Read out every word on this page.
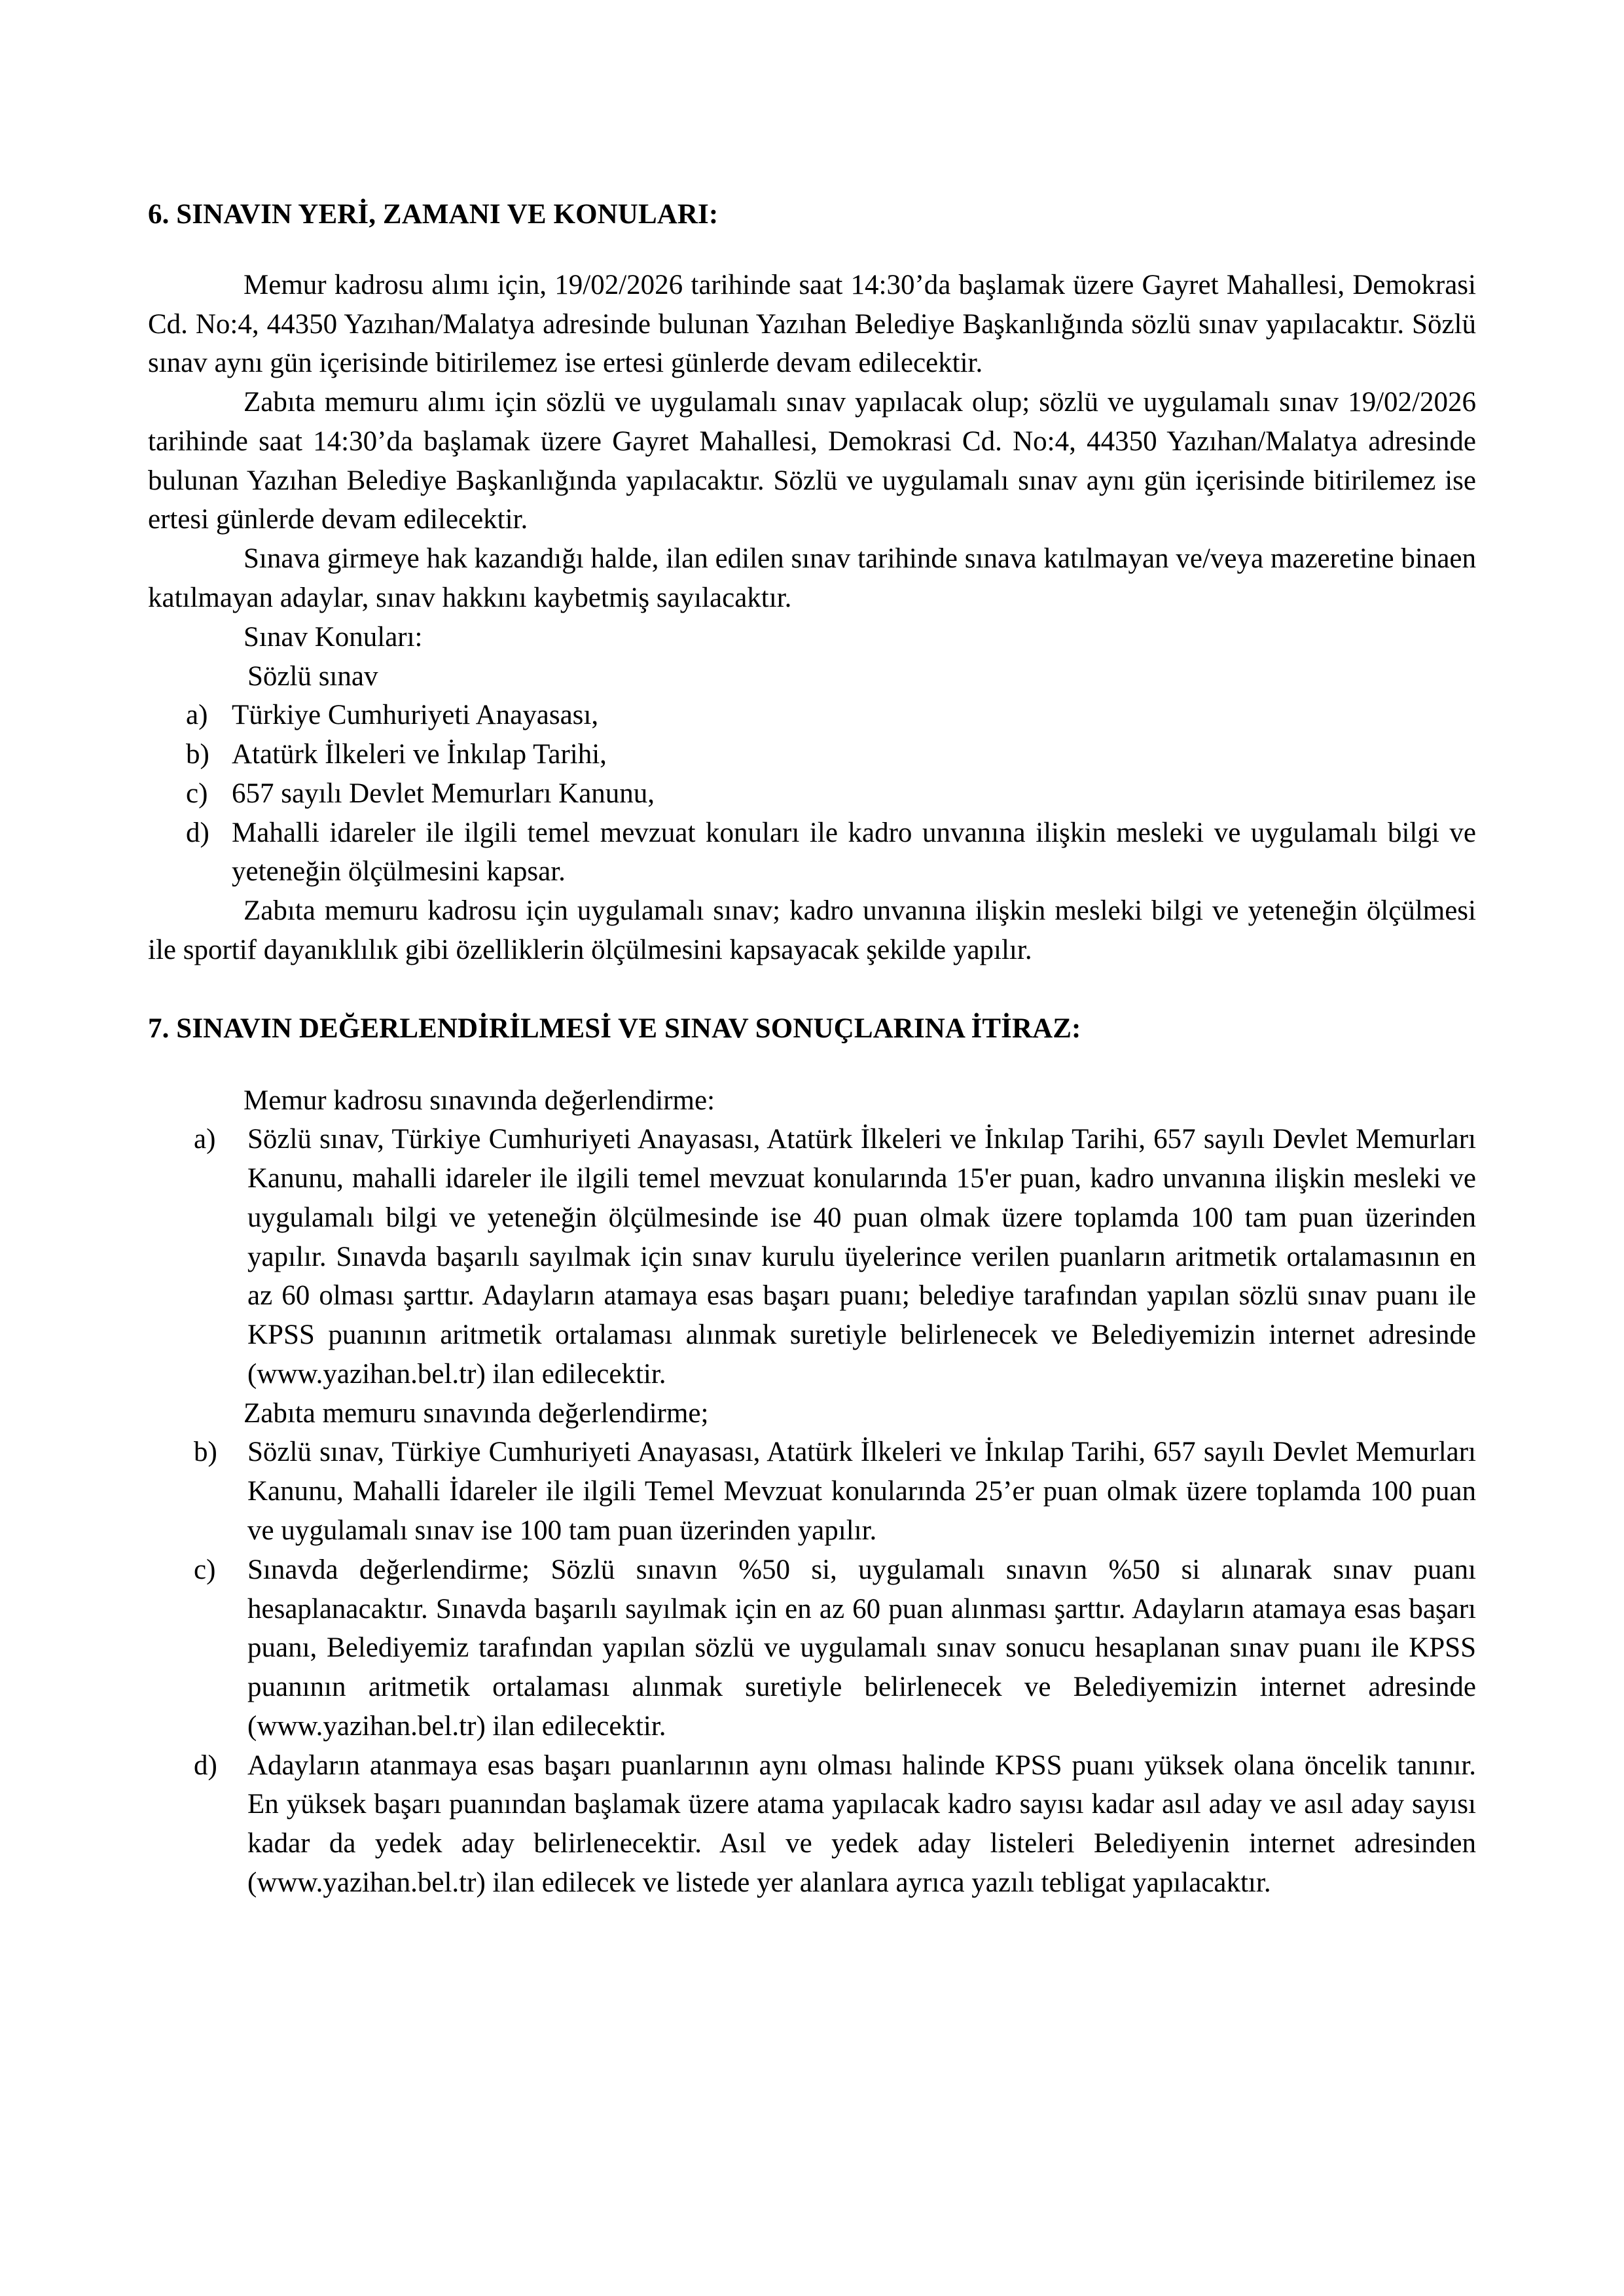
6. SINAVIN YERİ, ZAMANI VE KONULARI:

Memur kadrosu alımı için, 19/02/2026 tarihinde saat 14:30’da başlamak üzere Gayret Mahallesi, Demokrasi Cd. No:4, 44350 Yazıhan/Malatya adresinde bulunan Yazıhan Belediye Başkanlığında sözlü sınav yapılacaktır. Sözlü sınav aynı gün içerisinde bitirilemez ise ertesi günlerde devam edilecektir.

Zabıta memuru alımı için sözlü ve uygulamalı sınav yapılacak olup; sözlü ve uygulamalı sınav 19/02/2026 tarihinde saat 14:30’da başlamak üzere Gayret Mahallesi, Demokrasi Cd. No:4, 44350 Yazıhan/Malatya adresinde bulunan Yazıhan Belediye Başkanlığında yapılacaktır. Sözlü ve uygulamalı sınav aynı gün içerisinde bitirilemez ise ertesi günlerde devam edilecektir.

Sınava girmeye hak kazandığı halde, ilan edilen sınav tarihinde sınava katılmayan ve/veya mazeretine binaen katılmayan adaylar, sınav hakkını kaybetmiş sayılacaktır.

Sınav Konuları:

Sözlü sınav

a) Türkiye Cumhuriyeti Anayasası,
b) Atatürk İlkeleri ve İnkılap Tarihi,
c) 657 sayılı Devlet Memurları Kanunu,
d) Mahalli idareler ile ilgili temel mevzuat konuları ile kadro unvanına ilişkin mesleki ve uygulamalı bilgi ve yeteneğin ölçülmesini kapsar.

Zabıta memuru kadrosu için uygulamalı sınav; kadro unvanına ilişkin mesleki bilgi ve yeteneğin ölçülmesi ile sportif dayanıklılık gibi özelliklerin ölçülmesini kapsayacak şekilde yapılır.

7. SINAVIN DEĞERLENDİRİLMESİ VE SINAV SONUÇLARINA İTİRAZ:

Memur kadrosu sınavında değerlendirme:

a)	Sözlü sınav, Türkiye Cumhuriyeti Anayasası, Atatürk İlkeleri ve İnkılap Tarihi, 657 sayılı Devlet Memurları Kanunu, mahalli idareler ile ilgili temel mevzuat konularında 15'er puan, kadro unvanına ilişkin mesleki ve uygulamalı bilgi ve yeteneğin ölçülmesinde ise 40 puan olmak üzere toplamda 100 tam puan üzerinden yapılır. Sınavda başarılı sayılmak için sınav kurulu üyelerince verilen puanların aritmetik ortalamasının en az 60 olması şarttır. Adayların atamaya esas başarı puanı; belediye tarafından yapılan sözlü sınav puanı ile KPSS puanının aritmetik ortalaması alınmak suretiyle belirlenecek ve Belediyemizin internet adresinde (www.yazihan.bel.tr) ilan edilecektir.

Zabıta memuru sınavında değerlendirme;

b)	Sözlü sınav, Türkiye Cumhuriyeti Anayasası, Atatürk İlkeleri ve İnkılap Tarihi, 657 sayılı Devlet Memurları Kanunu, Mahalli İdareler ile ilgili Temel Mevzuat konularında 25’er puan olmak üzere toplamda 100 puan ve uygulamalı sınav ise 100 tam puan üzerinden yapılır.
c)	Sınavda değerlendirme; Sözlü sınavın %50 si, uygulamalı sınavın %50 si alınarak sınav puanı hesaplanacaktır. Sınavda başarılı sayılmak için en az 60 puan alınması şarttır. Adayların atamaya esas başarı puanı, Belediyemiz tarafından yapılan sözlü ve uygulamalı sınav sonucu hesaplanan sınav puanı ile KPSS puanının aritmetik ortalaması alınmak suretiyle belirlenecek ve Belediyemizin internet adresinde (www.yazihan.bel.tr) ilan edilecektir.
d)	Adayların atanmaya esas başarı puanlarının aynı olması halinde KPSS puanı yüksek olana öncelik tanınır. En yüksek başarı puanından başlamak üzere atama yapılacak kadro sayısı kadar asıl aday ve asıl aday sayısı kadar da yedek aday belirlenecektir. Asıl ve yedek aday listeleri Belediyenin internet adresinden (www.yazihan.bel.tr) ilan edilecek ve listede yer alanlara ayrıca yazılı tebligat yapılacaktır.
